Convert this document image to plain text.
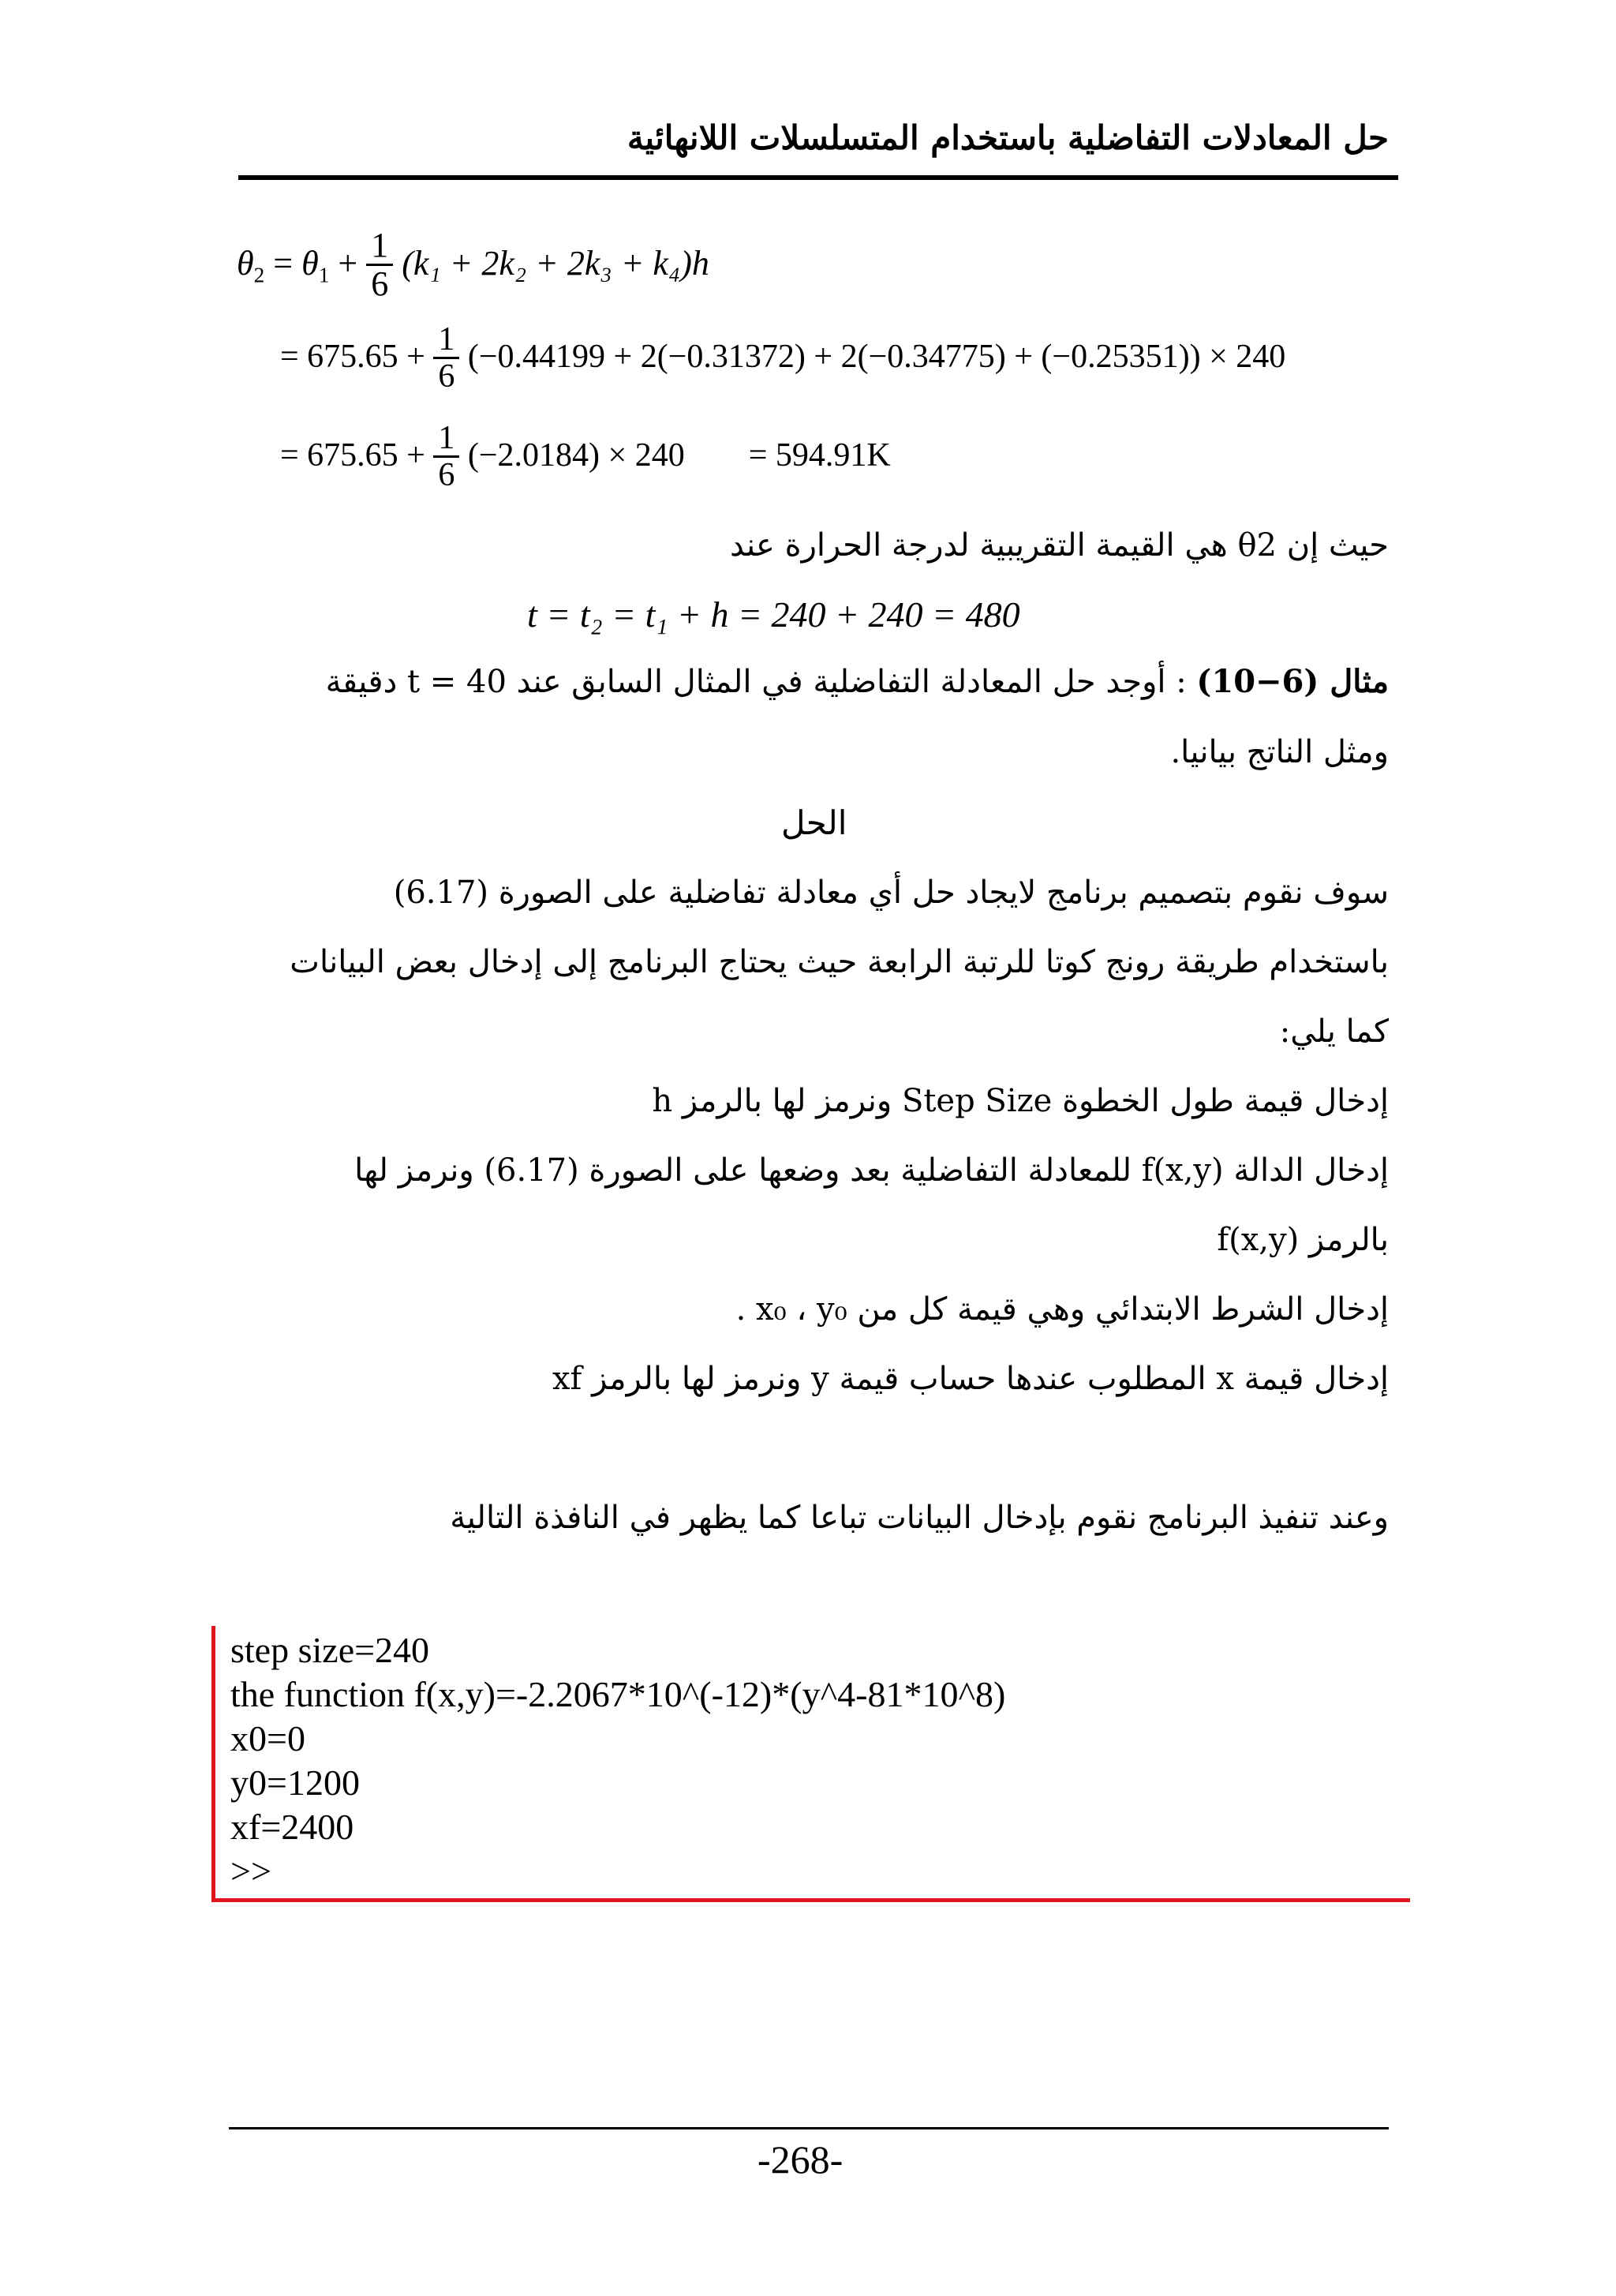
حل المعادلات التفاضلية باستخدام المتسلسلات اللانهائية
$\theta_2 = \theta_1 + \frac{1}{6} (k_1 + 2k_2 + 2k_3 + k_4)h$
= $675.65 + \frac{1}{6} (-0.44199 + 2(-0.31372) + 2(-0.34775) + (-0.25351)) \times 240$
= $675.65 + \frac{1}{6} (-2.0184) \times 240 = 594.91K$
حيث إن θ2 هي القيمة التقريبية لدرجة الحرارة عند
t = t₂ = t₁ + h = 240 + 240 = 480
مثال (6−10) : أوجد حل المعادلة التفاضلية في المثال السابق عند t = 40 دقيقة
ومثل الناتج بيانيا.
الحل
سوف نقوم بتصميم برنامج لايجاد حل أي معادلة تفاضلية على الصورة (6.17)
باستخدام طريقة رونج كوتا للرتبة الرابعة حيث يحتاج البرنامج إلى إدخال بعض البيانات
كما يلي:
إدخال قيمة طول الخطوة Step Size ونرمز لها بالرمز h
إدخال الدالة f(x,y) للمعادلة التفاضلية بعد وضعها على الصورة (6.17) ونرمز لها
بالرمز f(x,y)
إدخال الشرط الابتدائي وهي قيمة كل من x₀ ، y₀ .
إدخال قيمة x المطلوب عندها حساب قيمة y ونرمز لها بالرمز xf
وعند تنفيذ البرنامج نقوم بإدخال البيانات تباعا كما يظهر في النافذة التالية
step size=240
the function f(x,y)=-2.2067*10^(-12)*(y^4-81*10^8)
x0=0
y0=1200
xf=2400
>>
-268-
